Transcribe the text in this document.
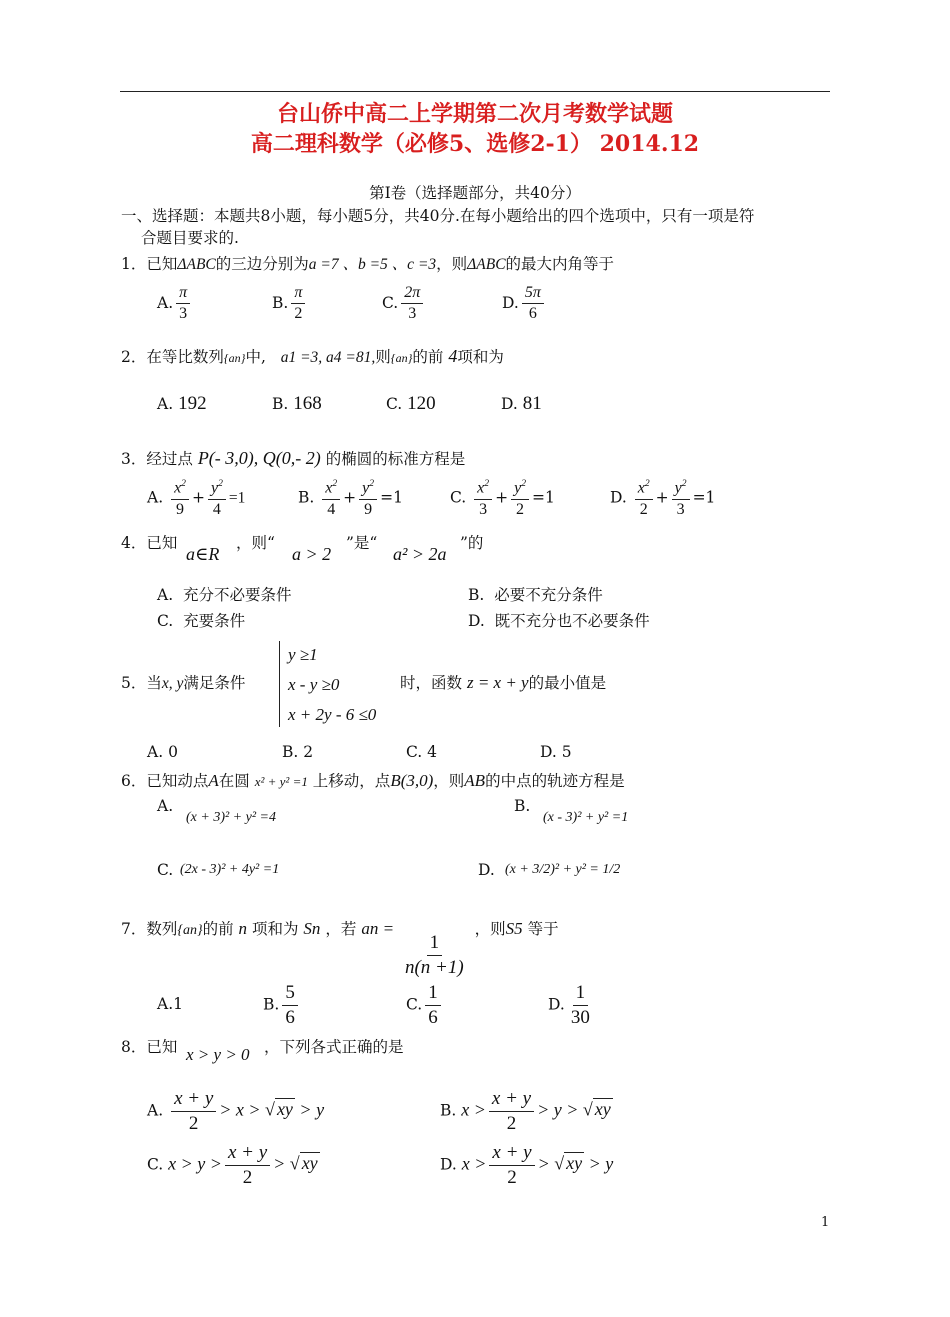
台山侨中高二上学期第二次月考数学试题
高二理科数学（必修5、选修2-1） 2014.12
第Ⅰ卷（选择题部分，共40分）
一、选择题：本题共8小题，每小题5分，共40分.在每小题给出的四个选项中，只有一项是符
合题目要求的.
1．已知ΔABC的三边分别为a =7 、b =5 、c =3，则ΔABC的最大内角等于
A. $\frac{\pi}{3}$	B. $\frac{\pi}{2}$	C. $\frac{2\pi}{3}$	D. $\frac{5\pi}{6}$
2．在等比数列{an}中, a1 =3, a4 =81,则{an}的前 4项和为
A. 192	B. 168	C. 120	D. 81
3．经过点 P(- 3,0), Q(0,- 2) 的椭圆的标准方程是
A. $\frac{x^2}{9} + \frac{y^2}{4} =1$	B. $\frac{x^2}{4} + \frac{y^2}{9} =1$	C. $\frac{x^2}{3} + \frac{y^2}{2} =1$	D. $\frac{x^2}{2} + \frac{y^2}{3} =1$
4．已知
a∈R
，则“
a > 2
”是“
a² > 2a
”的
A. 充分不必要条件	B. 必要不充分条件
C. 充要条件	D. 既不充分也不必要条件
5．当x, y满足条件
y ≥1
x - y ≥0
x + 2y - 6 ≤0
时，函数 z = x + y的最小值是
A. 0	B. 2	C. 4	D. 5
6．已知动点A在圆 x² + y² =1 上移动，点B(3,0)，则AB的中点的轨迹方程是
A.
(x + 3)² + y² =4
B.
(x - 3)² + y² =1
C. (2x - 3)² + 4y² =1	D. (x + 3/2)² + y² = 1/2
7．数列{an}的前 n 项和为 Sn ，若 an =
$\frac{1}{n(n +1)}$
，则S5 等于
A.1	B. $\frac{5}{6}$	C. $\frac{1}{6}$	D. $\frac{1}{30}$
8．已知 x > y > 0 ，下列各式正确的是
A. $\frac{x + y}{2} > x$ > √ xy > y	B. $x > \frac{x + y}{2} > y$ > √ xy
C. $x > y > \frac{x + y}{2}$ > √ xy	D. $x > \frac{x + y}{2}$ > √ xy > y
1
